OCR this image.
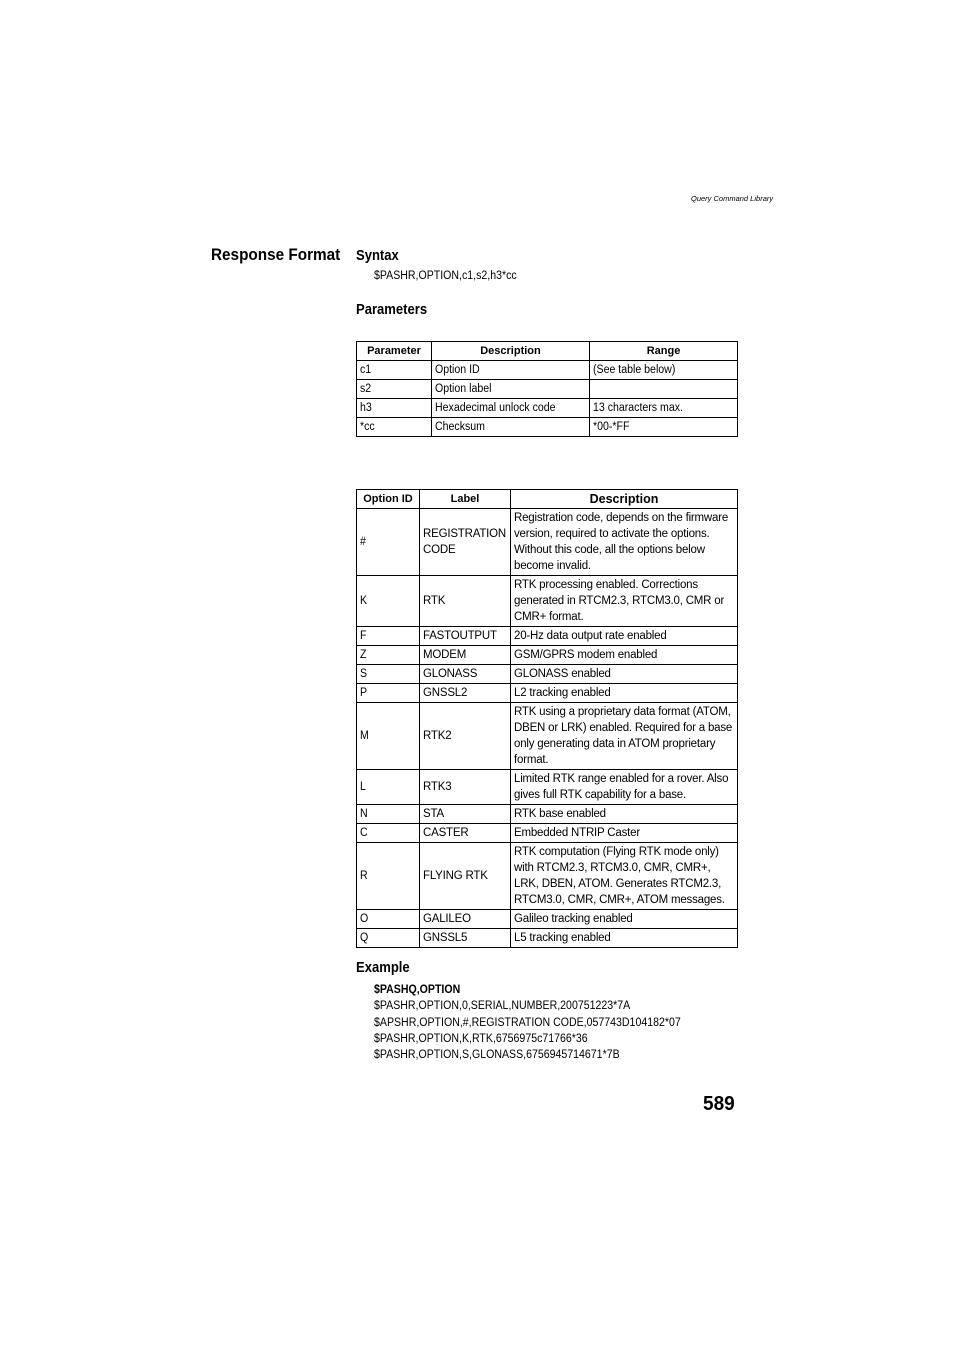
Query Command Library
Response Format Syntax
$PASHR,OPTION,c1,s2,h3*cc
Parameters
Parameter	Description	Range

c1	Option ID	(See table below)

s2	Option label	

h3	Hexadecimal unlock code	13 characters max.

*cc	Checksum	*00-*FF
Option ID	Label	Description

#	REGISTRATION CODE	Registration code, depends on the firmware version, required to activate the options. Without this code, all the options below become invalid.

K	RTK	RTK processing enabled. Corrections generated in RTCM2.3, RTCM3.0, CMR or CMR+ format.

F	FASTOUTPUT	20-Hz data output rate enabled

Z	MODEM	GSM/GPRS modem enabled

S	GLONASS	GLONASS enabled

P	GNSSL2	L2 tracking enabled

M	RTK2	RTK using a proprietary data format (ATOM, DBEN or LRK) enabled. Required for a base only generating data in ATOM proprietary format.

L	RTK3	Limited RTK range enabled for a rover. Also gives full RTK capability for a base.

N	STA	RTK base enabled

C	CASTER	Embedded NTRIP Caster

R	FLYING RTK	RTK computation (Flying RTK mode only) with RTCM2.3, RTCM3.0, CMR, CMR+, LRK, DBEN, ATOM. Generates RTCM2.3, RTCM3.0, CMR, CMR+, ATOM messages.

O	GALILEO	Galileo tracking enabled

Q	GNSSL5	L5 tracking enabled
Example
$PASHQ,OPTION
$PASHR,OPTION,0,SERIAL,NUMBER,200751223*7A
$APSHR,OPTION,#,REGISTRATION CODE,057743D104182*07
$PASHR,OPTION,K,RTK,6756975c71766*36
$PASHR,OPTION,S,GLONASS,6756945714671*7B
589
